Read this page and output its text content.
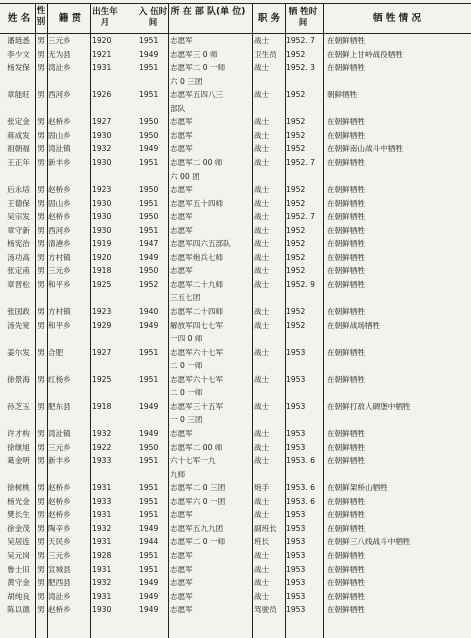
姓 名
性别	籍 贯
出生年月
入 伍时 间
所 在 部 队(单 位)
职 务
牺 牲时 间	牺 牲 情 况
潘琏悉 男 三元乡	1920	1951	志愿军	战士	1952. 7	在朝鲜牺牲
李少文 男 无为县	1921	1949	志愿军三 0 师	卫生员	1952	在朝鲜上甘岭战役牺牲
杨发保 男 湾沚乡	1931	1951	志愿军二 0 一师	战士	1952. 3	在朝鲜牺牲
六 0 三团
章能旺 男 西河乡	1926	1951	志愿军五四八三	战士	1952	朝鲜牺牲
部队
张定金 男 赵桥乡	1927	1950	志愿军	战士	1952	在朝鲜牺牲
蒋成发 男 固山乡	1930	1950	志愿军	战士	1952	在朝鲜牺牲
祖朝福 男 湾沚镇	1932	1949	志愿军	战士	1952	在朝鲜南山战斗中牺牲
王正年 男 新丰乡	1930	1951	志愿军二 00 师	战士	1952. 7	在朝鲜牺牲
六 00 团
后永培 男 赵桥乡	1923	1950	志愿军	战士	1952	在朝鲜牺牲
王德保 男 固山乡	1930	1951	志愿军五十四师	战士	1952	在朝鲜牺牲
吴宗发 男 赵桥乡	1930	1950	志愿军	战士	1952. 7	在朝鲜牺牲
章守新 男 西河乡	1930	1951	志愿军	战士	1952	在朝鲜牺牲
杨宪治 男 清港乡	1919	1947	志愿军四六五部队	战士	1952	在朝鲜牺牲
汤功高 男 方村镇	1920	1949	志愿军炮兵七师	战士	1952	在朝鲜牺牲
张定甫 男 三元乡	1918	1950	志愿军	战士	1952	在朝鲜牺牲
章晋松 男 和平乡	1925	1952	志愿军二十九师	战士	1952. 9	在朝鲜牺牲
三五七团
张国政 男 方村镇	1923	1940	志愿军二十四师	战士	1952	在朝鲜牺牲
汤先宽 男 和平乡	1929	1949	解放军四七七军	战士	1952	在朝鲜战场牺牲
一四 0 师
姜尔发 男 合肥	1927	1951	志愿军六十七军	战士	1953	在朝鲜牺牲
二 0 一师
徐景海 男 红杨乡	1925	1951	志愿军六十七军	战士	1953	在朝鲜牺牲
二 0 一师
孙芝玉 男 肥东县	1918	1949	志愿军三十五军	战士	1953	在朝鲜打敌人碉堡中牺牲
一 0 三团
许才构 男 湾沚镇	1932	1949	志愿军	战士	1953	在朝鲜牺牲
徐继旭 男 三元乡	1922	1950	志愿军二 00 师	战士	1953	在朝鲜牺牲
葛金明 男 新丰乡	1933	1951	六十七军一九	战士	1953. 6	在朝鲜牺牲
九师
徐树桃 男 赵桥乡	1931	1951	志愿军二 0 三团	炮手	1953. 6	在朝鲜架桥山牺牲
杨光金 男 赵桥乡	1933	1951	志愿军六 0 一团	战士	1953. 6	在朝鲜牺牲
樊长生 男 赵桥乡	1931	1951	志愿军	战士	1953	在朝鲜牺牲
徐金茂 男 陶辛乡	1932	1949	志愿军五九九团	副班长	1953	在朝鲜牺牲
吴居连 男 天民乡	1931	1944	志愿军二 0 一师	班长	1953	在朝鲜三八线战斗中牺牲
吴元岗 男 三元乡	1928	1951	志愿军	战士	1953	在朝鲜牺牲
鲁士旧 男 宣城县	1931	1951	志愿军	战士	1953	在朝鲜牺牲
黄守金 男 肥西县	1932	1949	志愿军	战士	1953	在朝鲜牺牲
胡纯良 男 湾沚乡	1931	1949	志愿军	战士	1953	在朝鲜牺牲
陈以德 男 赵桥乡	1930	1949	志愿军	驾驶员	1953	在朝鲜牺牲
